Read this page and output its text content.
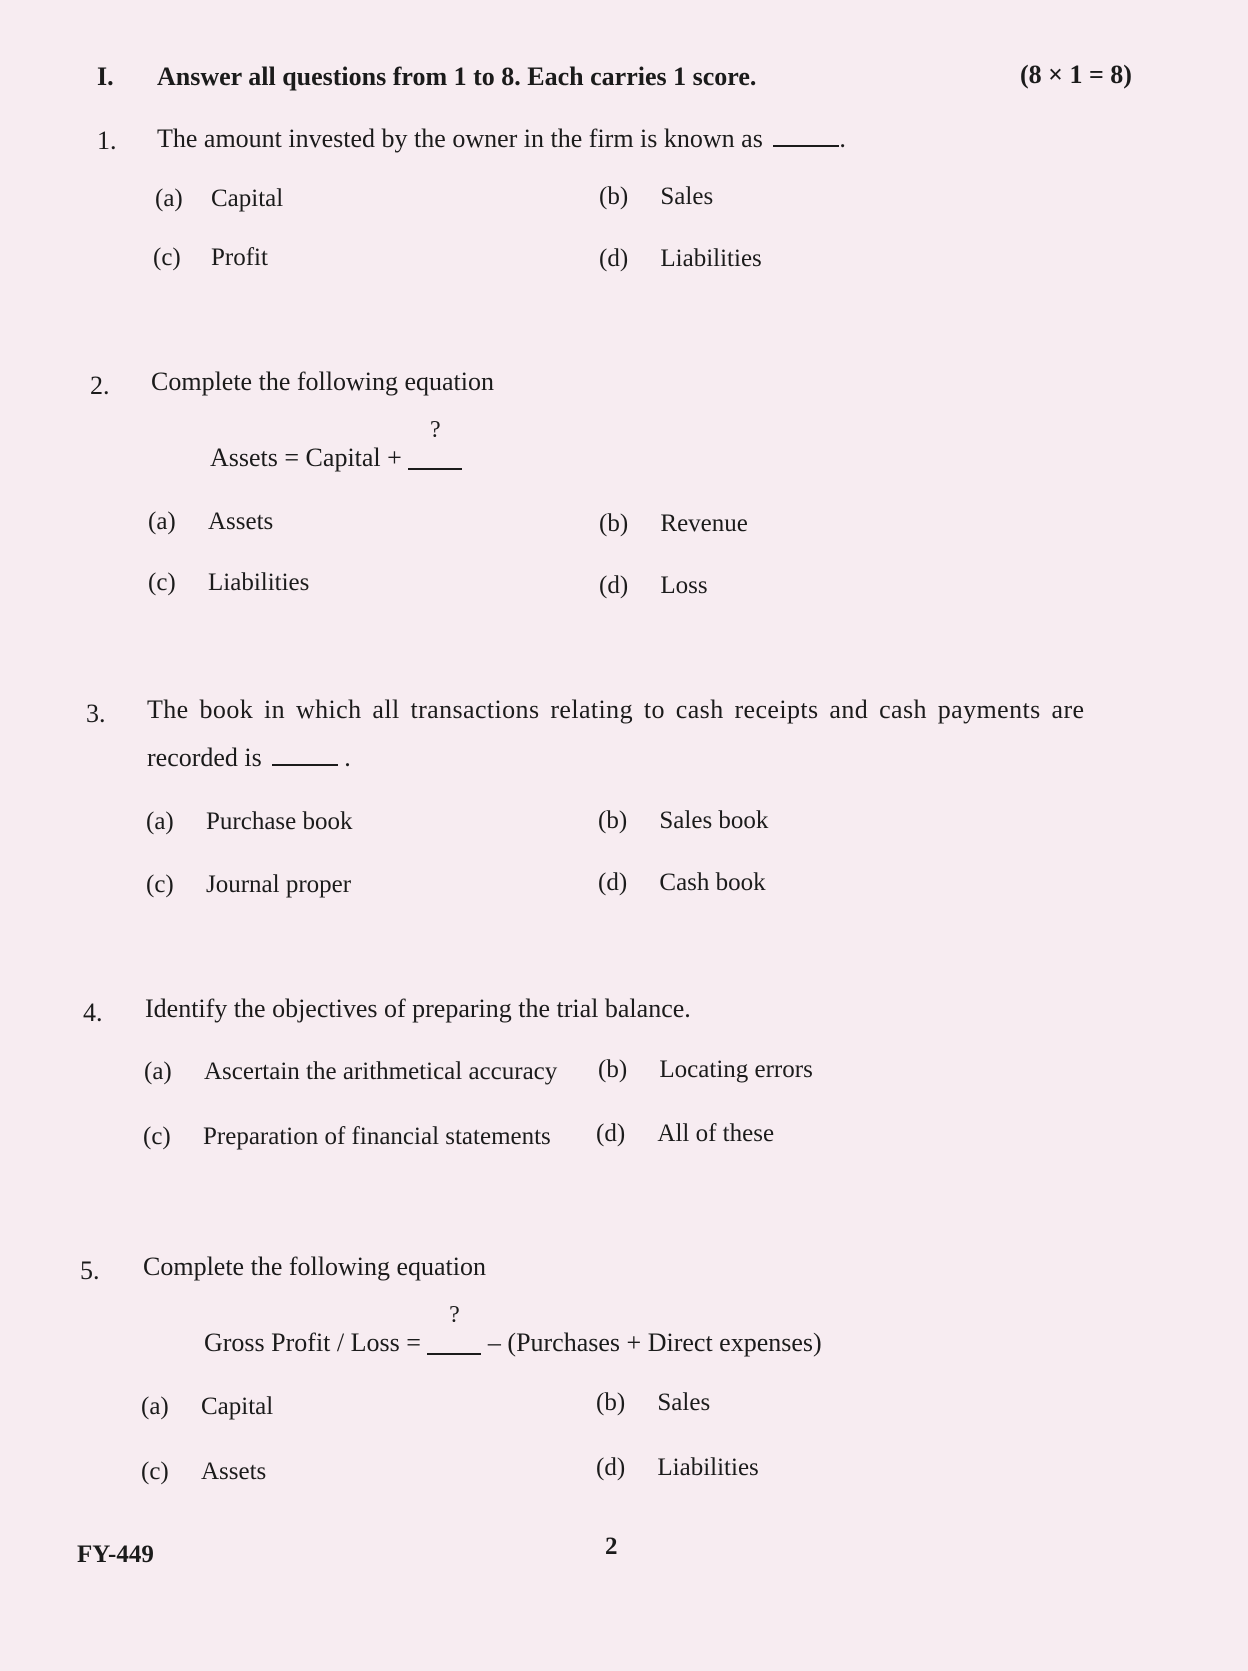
I. Answer all questions from 1 to 8. Each carries 1 score.	(8 × 1 = 8)
1. The amount invested by the owner in the firm is known as	.
(a) Capital	(b) Sales
(c) Profit	(d) Liabilities
2. Complete the following equation
Assets = Capital +
?
(a) Assets	(b) Revenue
(c) Liabilities	(d) Loss
3. The book in which all transactions relating to cash receipts and cash payments are
recorded is	.
(a) Purchase book	(b) Sales book
(c) Journal proper	(d) Cash book
4. Identify the objectives of preparing the trial balance.
(a) Ascertain the arithmetical accuracy (b) Locating errors
(c) Preparation of financial statements (d) All of these
5. Complete the following equation
Gross Profit / Loss =
?
– (Purchases + Direct expenses)
(a) Capital	(b) Sales
(c) Assets	(d) Liabilities
FY-449	2
